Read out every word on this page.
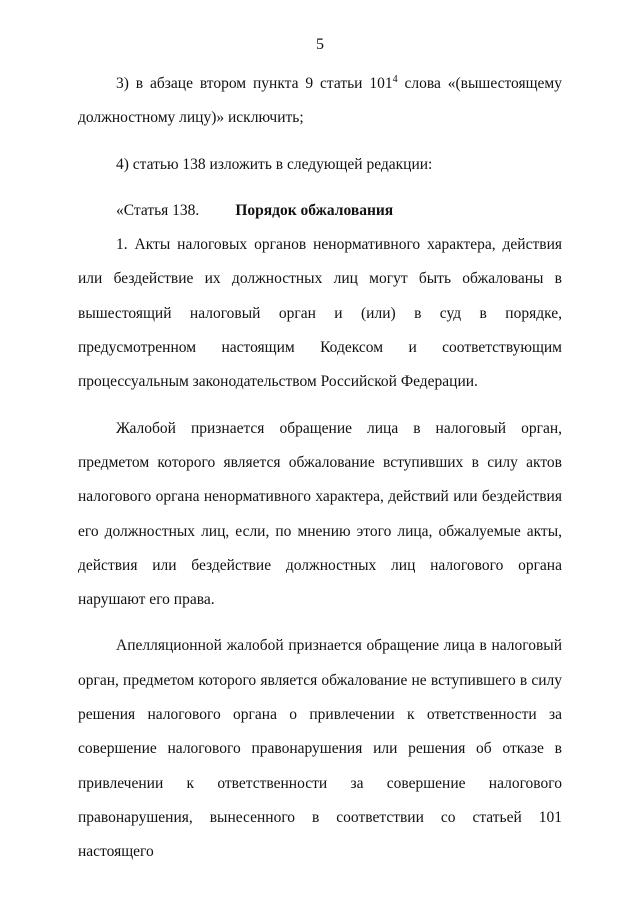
5

3) в абзаце втором пункта 9 статьи $101^4$ слова «(вышестоящему должностному лицу)» исключить;

4) статью 138 изложить в следующей редакции:

«Статья 138. Порядок обжалования

1. Акты налоговых органов ненормативного характера, действия или бездействие их должностных лиц могут быть обжалованы в вышестоящий налоговый орган и (или) в суд в порядке, предусмотренном настоящим Кодексом и соответствующим процессуальным законодательством Российской Федерации.

Жалобой признается обращение лица в налоговый орган, предметом которого является обжалование вступивших в силу актов налогового органа ненормативного характера, действий или бездействия его должностных лиц, если, по мнению этого лица, обжалуемые акты, действия или бездействие должностных лиц налогового органа нарушают его права.

Апелляционной жалобой признается обращение лица в налоговый орган, предметом которого является обжалование не вступившего в силу решения налогового органа о привлечении к ответственности за совершение налогового правонарушения или решения об отказе в привлечении к ответственности за совершение налогового правонарушения, вынесенного в соответствии со статьей 101 настоящего
